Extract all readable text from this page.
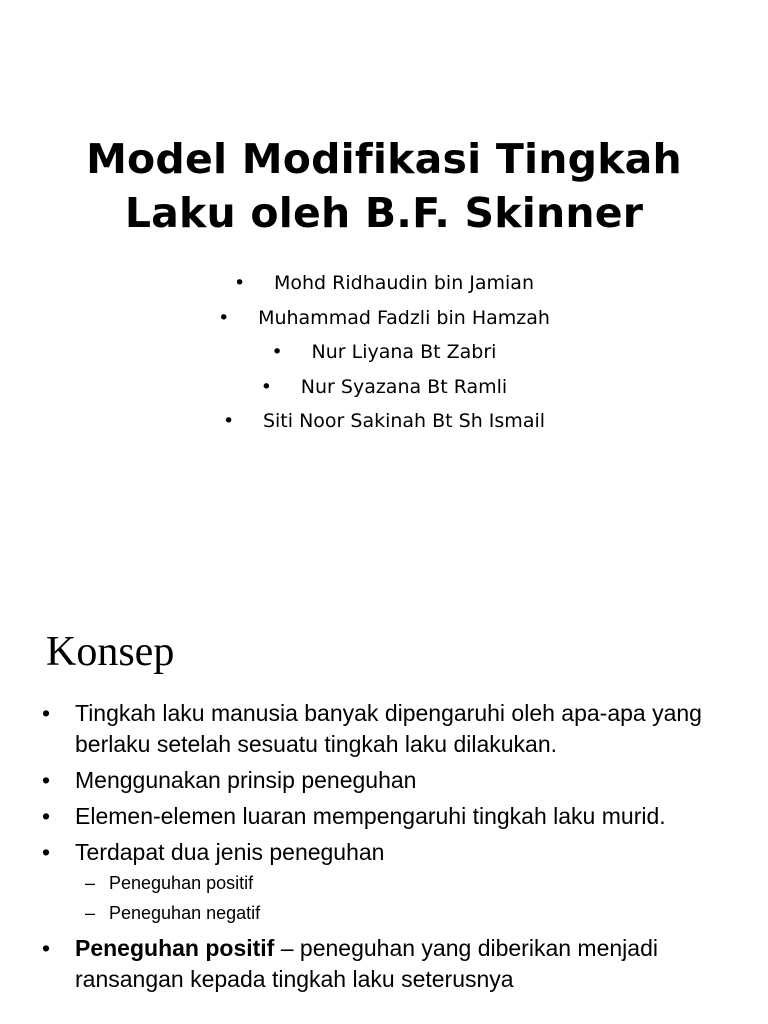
Model Modifikasi Tingkah
Laku oleh B.F. Skinner
• Mohd Ridhaudin bin Jamian
• Muhammad Fadzli bin Hamzah
• Nur Liyana Bt Zabri
• Nur Syazana Bt Ramli
• Siti Noor Sakinah Bt Sh Ismail
Konsep
• Tingkah laku manusia banyak dipengaruhi oleh apa-apa yang berlaku setelah sesuatu tingkah laku dilakukan.
• Menggunakan prinsip peneguhan
• Elemen-elemen luaran mempengaruhi tingkah laku murid.
• Terdapat dua jenis peneguhan
– Peneguhan positif
– Peneguhan negatif
• Peneguhan positif – peneguhan yang diberikan menjadi ransangan kepada tingkah laku seterusnya
